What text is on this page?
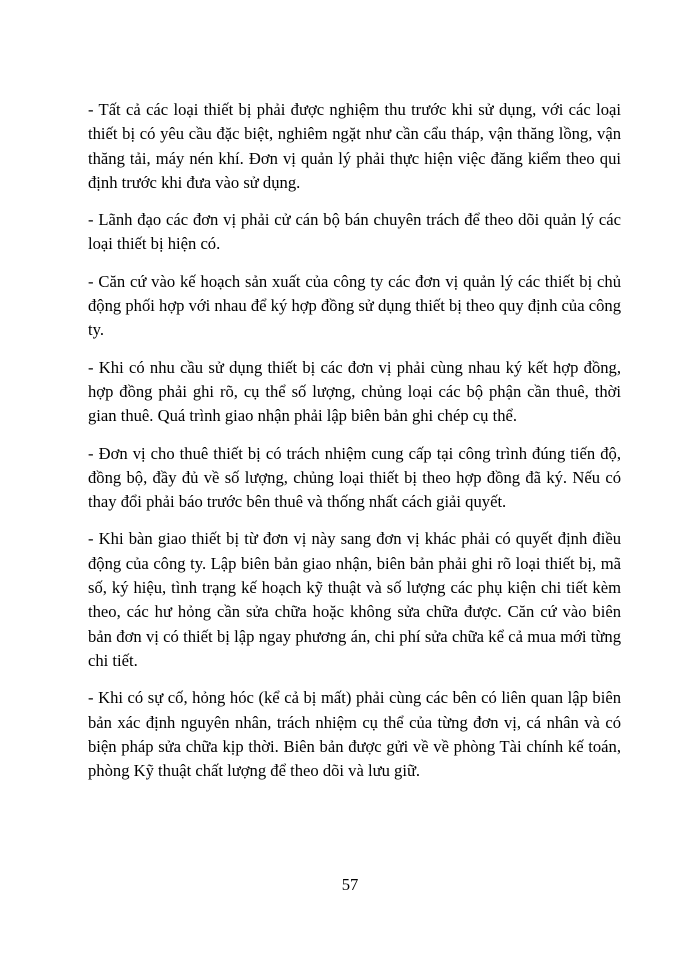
- Tất cả các loại thiết bị phải được nghiệm thu trước khi sử dụng, với các loại thiết bị có yêu cầu đặc biệt, nghiêm ngặt như cần cẩu tháp, vận thăng lồng, vận thăng tải, máy nén khí. Đơn vị quản lý phải thực hiện việc đăng kiểm theo qui định trước khi đưa vào sử dụng.

- Lãnh đạo các đơn vị phải cử cán bộ bán chuyên trách để theo dõi quản lý các loại thiết bị hiện có.

- Căn cứ vào kế hoạch sản xuất của công ty các đơn vị quản lý các thiết bị chủ động phối hợp với nhau để ký hợp đồng sử dụng thiết bị theo quy định của công ty.

- Khi có nhu cầu sử dụng thiết bị các đơn vị phải cùng nhau ký kết hợp đồng, hợp đồng phải ghi rõ, cụ thể số lượng, chủng loại các bộ phận cần thuê, thời gian thuê. Quá trình giao nhận phải lập biên bản ghi chép cụ thể.

- Đơn vị cho thuê thiết bị có trách nhiệm cung cấp tại công trình đúng tiến độ, đồng bộ, đầy đủ về số lượng, chủng loại thiết bị theo hợp đồng đã ký. Nếu có thay đổi phải báo trước bên thuê và thống nhất cách giải quyết.

- Khi bàn giao thiết bị từ đơn vị này sang đơn vị khác phải có quyết định điều động của công ty. Lập biên bản giao nhận, biên bản phải ghi rõ loại thiết bị, mã số, ký hiệu, tình trạng kế hoạch kỹ thuật và số lượng các phụ kiện chi tiết kèm theo, các hư hỏng cần sửa chữa hoặc không sửa chữa được. Căn cứ vào biên bản đơn vị có thiết bị lập ngay phương án, chi phí sửa chữa kể cả mua mới từng chi tiết.

- Khi có sự cố, hỏng hóc (kể cả bị mất) phải cùng các bên có liên quan lập biên bản xác định nguyên nhân, trách nhiệm cụ thể của từng đơn vị, cá nhân và có biện pháp sửa chữa kịp thời. Biên bản được gửi về về phòng Tài chính kế toán, phòng Kỹ thuật chất lượng để theo dõi và lưu giữ.

57
